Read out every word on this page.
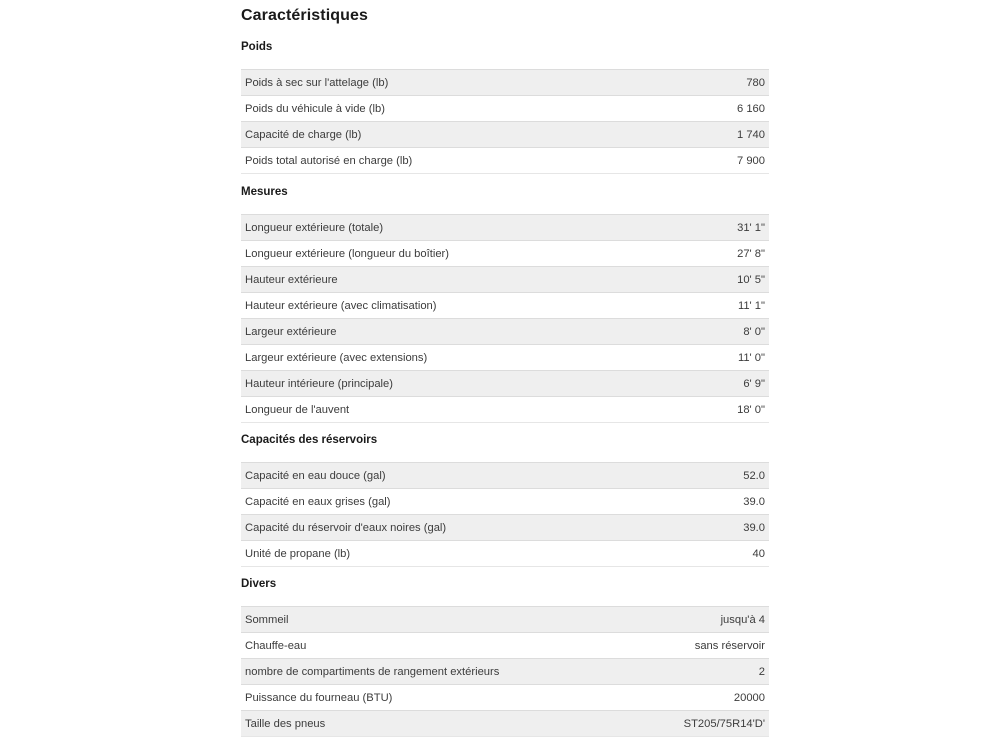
Caractéristiques
Poids
Poids à sec sur l'attelage (lb)	780
Poids du véhicule à vide (lb)	6 160
Capacité de charge (lb)	1 740
Poids total autorisé en charge (lb)	7 900
Mesures
Longueur extérieure (totale)	31' 1"
Longueur extérieure (longueur du boîtier)	27' 8"
Hauteur extérieure	10' 5"
Hauteur extérieure (avec climatisation)	11' 1"
Largeur extérieure	8' 0"
Largeur extérieure (avec extensions)	11' 0"
Hauteur intérieure (principale)	6' 9"
Longueur de l'auvent	18' 0"
Capacités des réservoirs
Capacité en eau douce (gal)	52.0
Capacité en eaux grises (gal)	39.0
Capacité du réservoir d'eaux noires (gal)	39.0
Unité de propane (lb)	40
Divers
Sommeil	jusqu'à 4
Chauffe-eau	sans réservoir
nombre de compartiments de rangement extérieurs	2
Puissance du fourneau (BTU)	20000
Taille des pneus	ST205/75R14'D'
